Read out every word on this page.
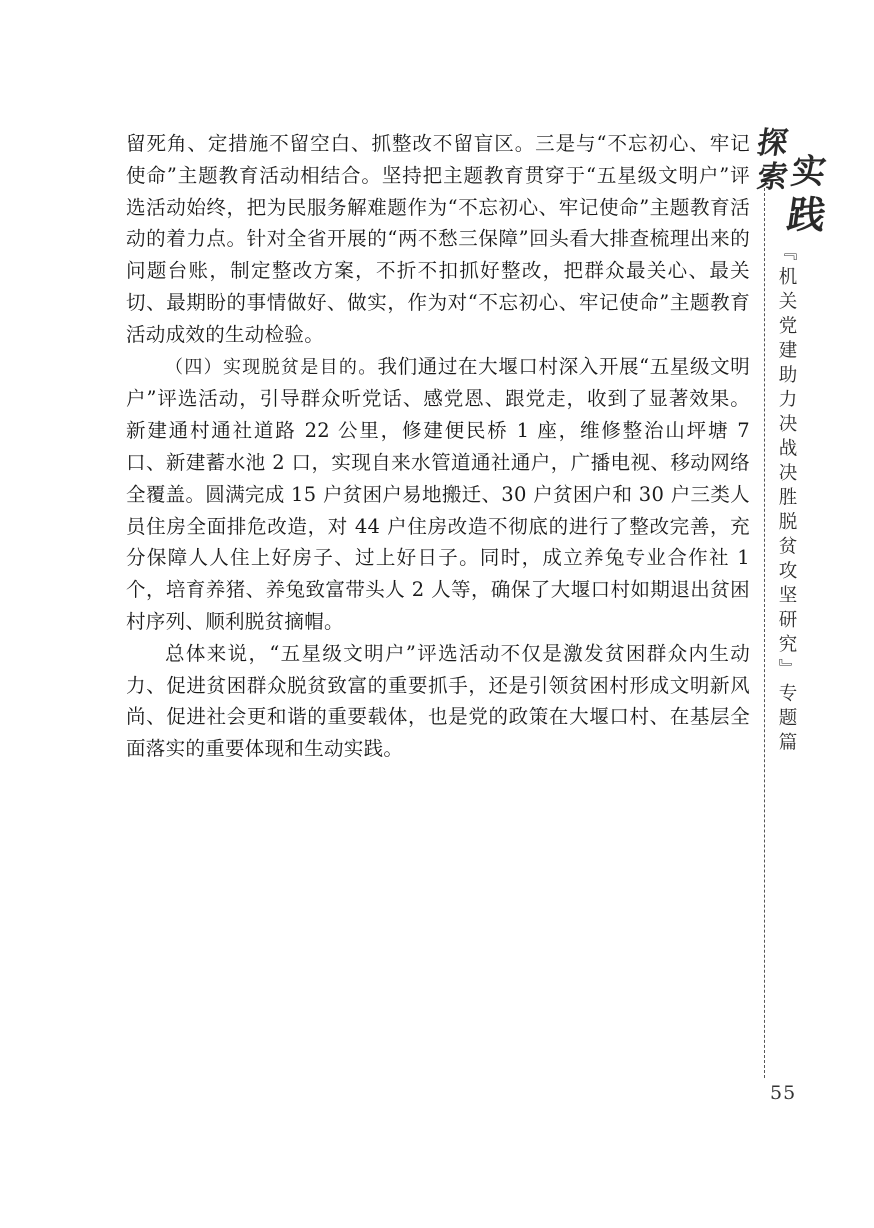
留死角、定措施不留空白、抓整改不留盲区。三是与“不忘初心、牢记使命”主题教育活动相结合。坚持把主题教育贯穿于“五星级文明户”评选活动始终，把为民服务解难题作为“不忘初心、牢记使命”主题教育活动的着力点。针对全省开展的“两不愁三保障”回头看大排查梳理出来的问题台账，制定整改方案，不折不扣抓好整改，把群众最关心、最关切、最期盼的事情做好、做实，作为对“不忘初心、牢记使命”主题教育活动成效的生动检验。

（四）实现脱贫是目的。我们通过在大堰口村深入开展“五星级文明户”评选活动，引导群众听党话、感党恩、跟党走，收到了显著效果。新建通村通社道路 22 公里，修建便民桥 1 座，维修整治山坪塘 7 口、新建蓄水池 2 口，实现自来水管道通社通户，广播电视、移动网络全覆盖。圆满完成 15 户贫困户易地搬迁、30 户贫困户和 30 户三类人员住房全面排危改造，对 44 户住房改造不彻底的进行了整改完善，充分保障人人住上好房子、过上好日子。同时，成立养兔专业合作社 1 个，培育养猪、养兔致富带头人 2 人等，确保了大堰口村如期退出贫困村序列、顺利脱贫摘帽。

总体来说，“五星级文明户”评选活动不仅是激发贫困群众内生动力、促进贫困群众脱贫致富的重要抓手，还是引领贫困村形成文明新风尚、促进社会更和谐的重要载体，也是党的政策在大堰口村、在基层全面落实的重要体现和生动实践。

探
索
实
践
『机关党建助力决战决胜脱贫攻坚研究』专题篇
55
